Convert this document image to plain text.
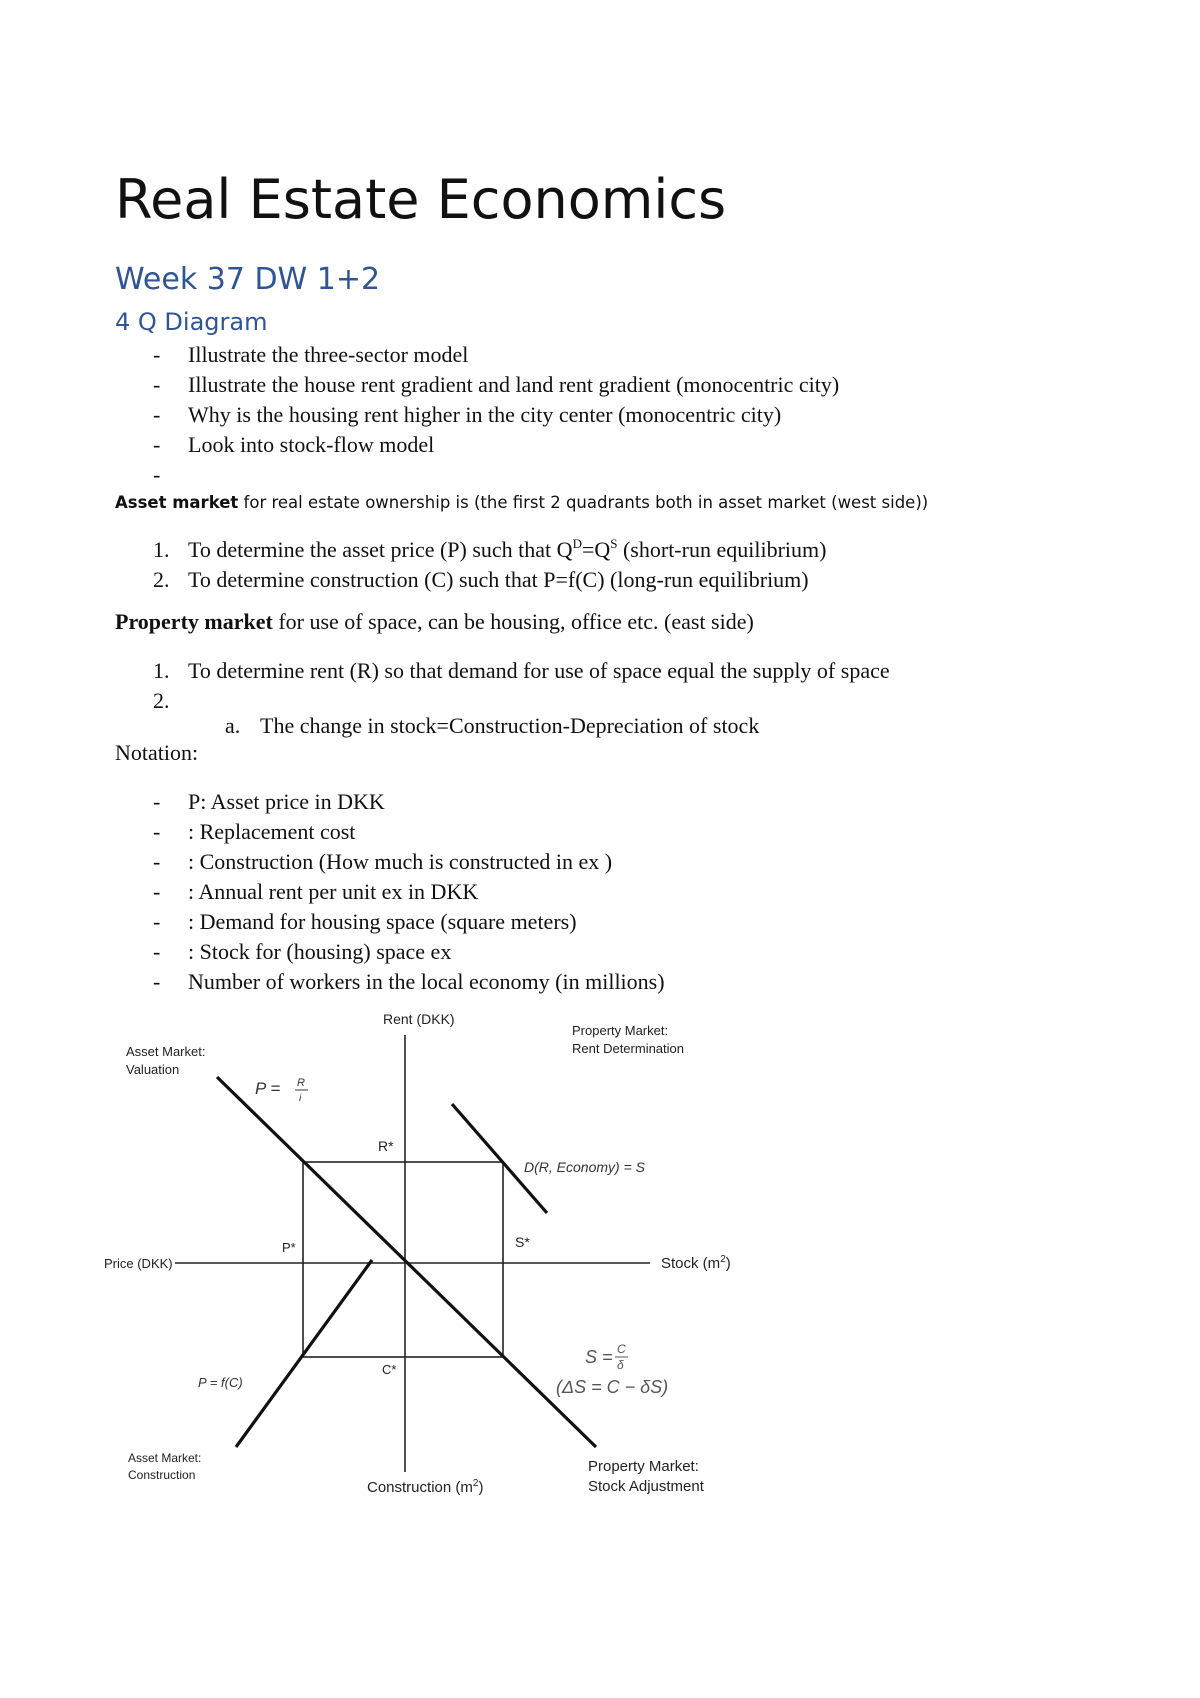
Real Estate Economics
Week 37 DW 1+2
4 Q Diagram
- Illustrate the three-sector model
- Illustrate the house rent gradient and land rent gradient (monocentric city)
- Why is the housing rent higher in the city center (monocentric city)
- Look into stock-flow model
-
Asset market for real estate ownership is (the first 2 quadrants both in asset market (west side))
1. To determine the asset price (P) such that $Q^D=Q^S$ (short-run equilibrium)
2. To determine construction (C) such that P=f(C) (long-run equilibrium)
Property market for use of space, can be housing, office etc. (east side)
1. To determine rent (R) so that demand for use of space equal the supply of space
2.
a. The change in stock=Construction-Depreciation of stock
Notation:
- P: Asset price in DKK
- : Replacement cost
- : Construction (How much is constructed in ex )
- : Annual rent per unit ex in DKK
- : Demand for housing space (square meters)
- : Stock for (housing) space ex
- Number of workers in the local economy (in millions)
Rent (DKK)
Price (DKK)	Stock $(m^2)$
Construction $(m^2)$
Asset Market:
Valuation
Property Market:
Rent Determination
Asset Market:
Construction	Property Market:
Stock Adjustment
P = R
i
D(R, Economy) = S
P = f(C)
S = C
δ
(ΔS = C − δS)
R*
P*	S*
C*
